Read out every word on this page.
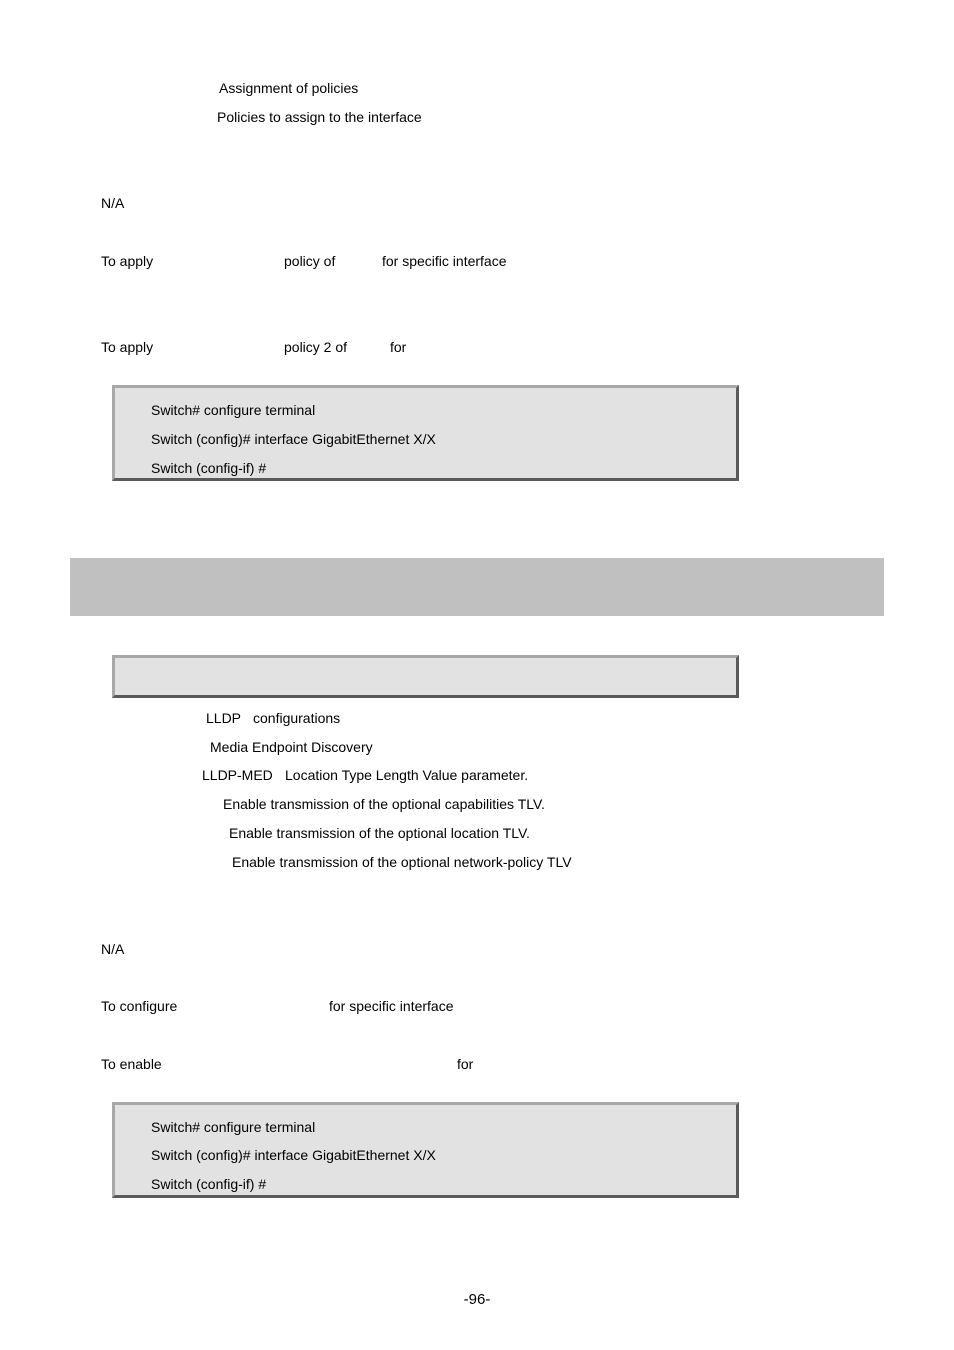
Assignment of policies
Policies to assign to the interface
N/A
To apply	policy of	for specific interface
To apply	policy 2 of	for
Switch# configure terminal
Switch (config)# interface GigabitEthernet X/X
Switch (config-if) #
LLDP configurations
Media Endpoint Discovery
LLDP-MED Location Type Length Value parameter.
Enable transmission of the optional capabilities TLV.
Enable transmission of the optional location TLV.
Enable transmission of the optional network-policy TLV
N/A
To configure	for specific interface
To enable	for
Switch# configure terminal
Switch (config)# interface GigabitEthernet X/X
Switch (config-if) #
-96-
